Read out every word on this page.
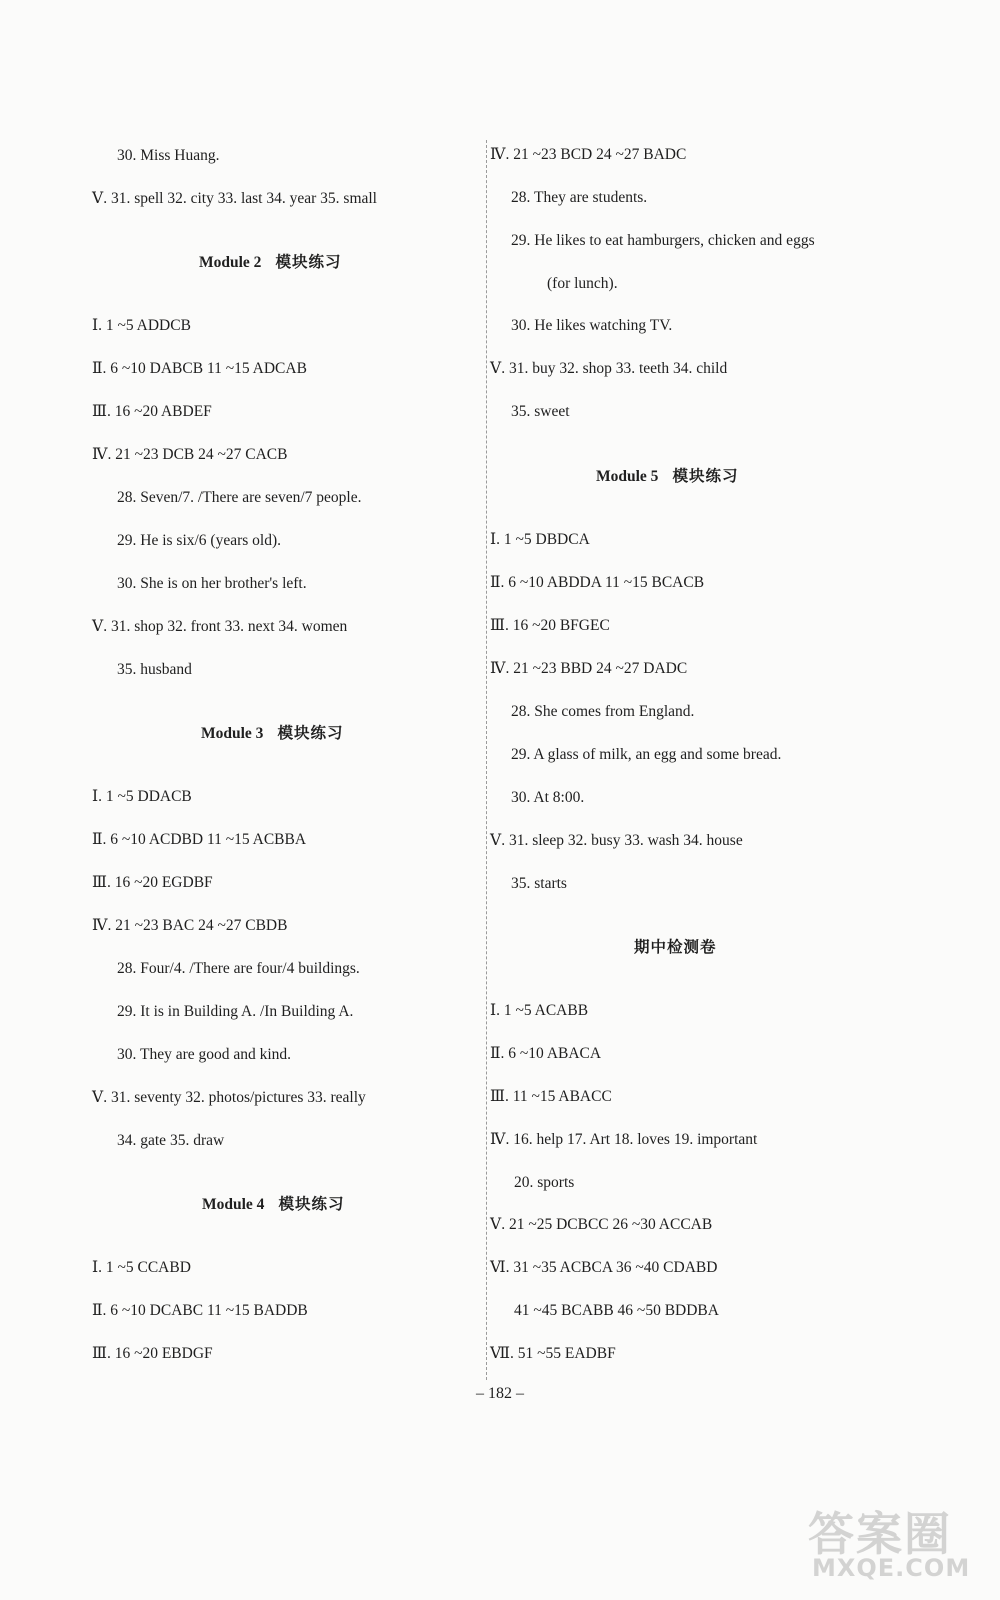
30. Miss Huang.
Ⅴ. 31. spell 32. city 33. last 34. year 35. small
Module 2 模块练习
Ⅰ. 1 ~5 ADDCB
Ⅱ. 6 ~10 DABCB 11 ~15 ADCAB
Ⅲ. 16 ~20 ABDEF
Ⅳ. 21 ~23 DCB 24 ~27 CACB
28. Seven/7. /There are seven/7 people.
29. He is six/6 (years old).
30. She is on her brother's left.
Ⅴ. 31. shop 32. front 33. next 34. women
35. husband
Module 3 模块练习
Ⅰ. 1 ~5 DDACB
Ⅱ. 6 ~10 ACDBD 11 ~15 ACBBA
Ⅲ. 16 ~20 EGDBF
Ⅳ. 21 ~23 BAC 24 ~27 CBDB
28. Four/4. /There are four/4 buildings.
29. It is in Building A. /In Building A.
30. They are good and kind.
Ⅴ. 31. seventy 32. photos/pictures 33. really
34. gate 35. draw
Module 4 模块练习
Ⅰ. 1 ~5 CCABD
Ⅱ. 6 ~10 DCABC 11 ~15 BADDB
Ⅲ. 16 ~20 EBDGF
Ⅳ. 21 ~23 BCD 24 ~27 BADC
28. They are students.
29. He likes to eat hamburgers, chicken and eggs
(for lunch).
30. He likes watching TV.
Ⅴ. 31. buy 32. shop 33. teeth 34. child
35. sweet
Module 5 模块练习
Ⅰ. 1 ~5 DBDCA
Ⅱ. 6 ~10 ABDDA 11 ~15 BCACB
Ⅲ. 16 ~20 BFGEC
Ⅳ. 21 ~23 BBD 24 ~27 DADC
28. She comes from England.
29. A glass of milk, an egg and some bread.
30. At 8:00.
Ⅴ. 31. sleep 32. busy 33. wash 34. house
35. starts
期中检测卷
Ⅰ. 1 ~5 ACABB
Ⅱ. 6 ~10 ABACA
Ⅲ. 11 ~15 ABACC
Ⅳ. 16. help 17. Art 18. loves 19. important
20. sports
Ⅴ. 21 ~25 DCBCC 26 ~30 ACCAB
Ⅵ. 31 ~35 ACBCA 36 ~40 CDABD
41 ~45 BCABB 46 ~50 BDDBA
Ⅶ. 51 ~55 EADBF
– 182 –
答案圈
MXQE.COM
